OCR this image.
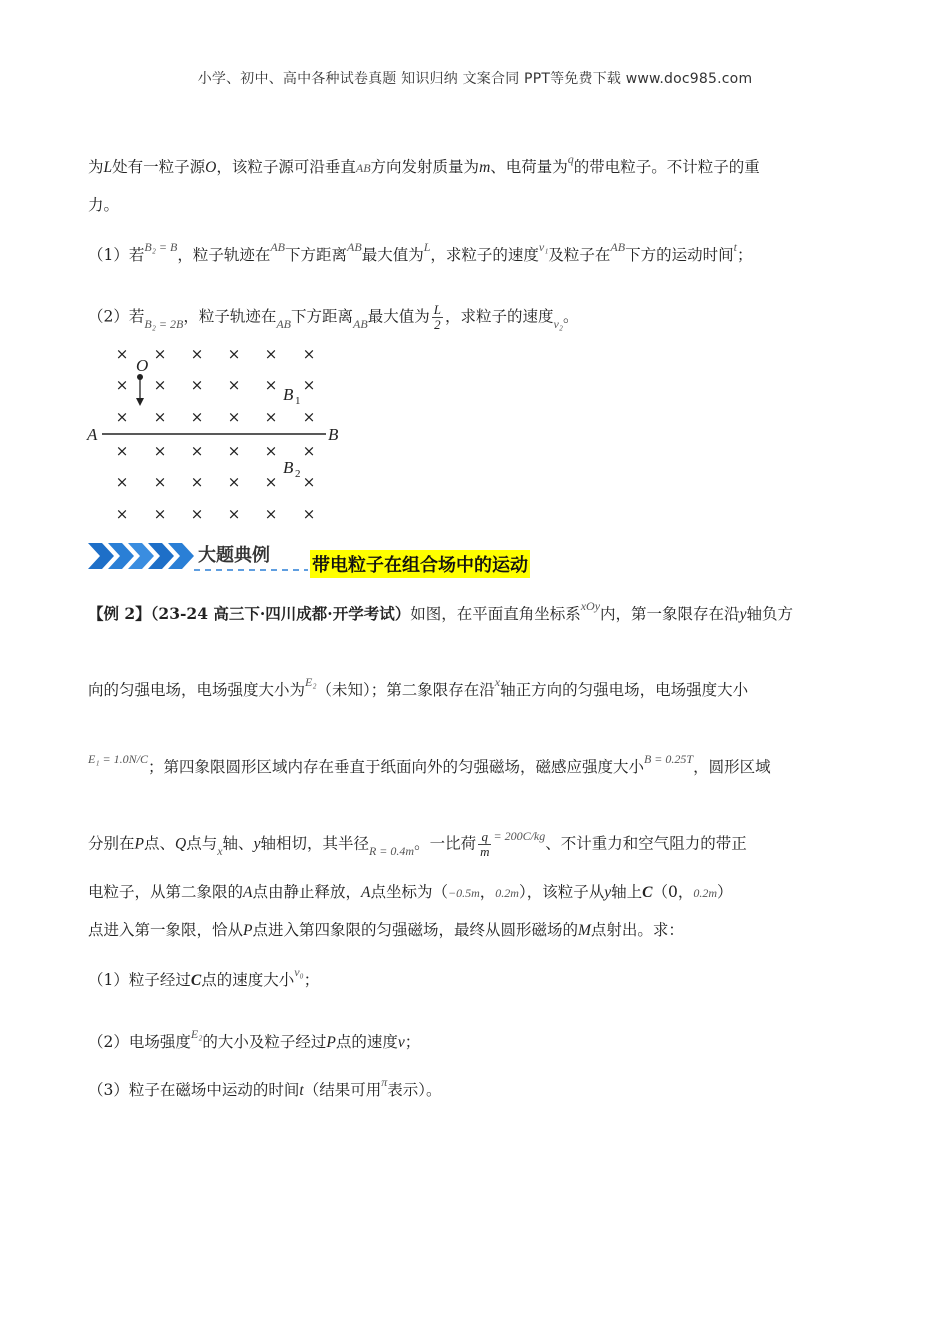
小学、初中、高中各种试卷真题 知识归纳 文案合同 PPT等免费下载 www.doc985.com
为L处有一粒子源O，该粒子源可沿垂直AB方向发射质量为m、电荷量为$^q$的带电粒子。不计粒子的重
力。
（1）若$^{B_2 = B}$，粒子轨迹在$^{AB}$下方距离$^{AB}$最大值为$^L$，求粒子的速度$^{v_1}$及粒子在$^{AB}$下方的运动时间$^t$；
（2）若$_{B_2 = 2B}$，粒子轨迹在$_{AB}$下方距离$_{AB}$最大值为 $\frac{L}{2}$ ，求粒子的速度$_{v_2}$。
× × × × × ×
× × × × × ×
× × × × × ×
× × × × × ×
× × × × × ×
× × × × × ×
O
A	B
B 1
B 2
大题典例 带电粒子在组合场中的运动
【例 2】（23-24 高三下·四川成都·开学考试）如图，在平面直角坐标系$^{xOy}$内，第一象限存在沿y轴负方
向的匀强电场，电场强度大小为$^{E_2}$（未知）；第二象限存在沿$^x$轴正方向的匀强电场，电场强度大小
$^{E_1 = 1.0N/C}$；第四象限圆形区域内存在垂直于纸面向外的匀强磁场，磁感应强度大小$^{B = 0.25T}$，圆形区域
分别在P点、Q点与$_x$轴、y轴相切，其半径$_{R = 0.4m}$。一比荷 $\frac{q}{m} ^{= 200C/kg}$、不计重力和空气阻力的带正
电粒子，从第二象限的A点由静止释放，A点坐标为（−0.5m，0.2m），该粒子从y轴上C（0，0.2m）
点进入第一象限，恰从P点进入第四象限的匀强磁场，最终从圆形磁场的M点射出。求：
（1）粒子经过C点的速度大小$^{v_0}$；
（2）电场强度$^{E_2}$的大小及粒子经过P点的速度v；
（3）粒子在磁场中运动的时间t（结果可用$^\pi$表示）。
